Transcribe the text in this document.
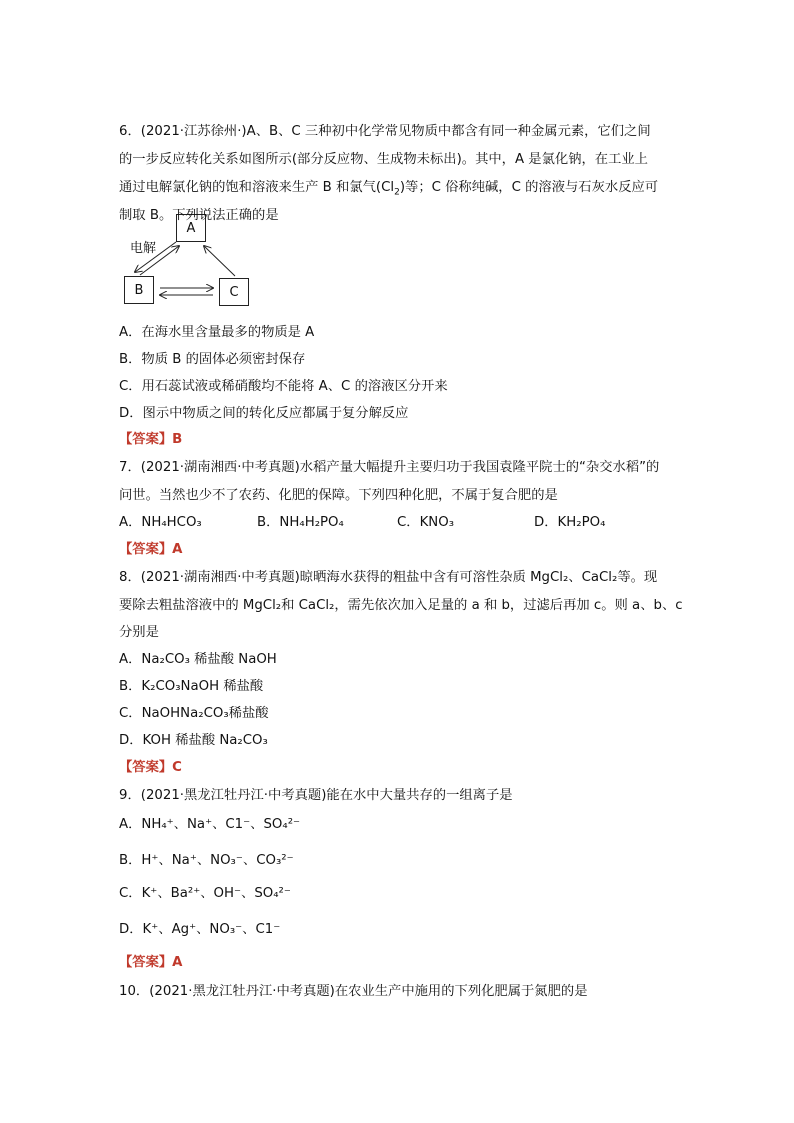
6．(2021·江苏徐州·)A、B、C 三种初中化学常见物质中都含有同一种金属元素，它们之间
的一步反应转化关系如图所示(部分反应物、生成物未标出)。其中，A 是氯化钠，在工业上
通过电解氯化钠的饱和溶液来生产 B 和氯气$(Cl_2)$等；C 俗称纯碱，C 的溶液与石灰水反应可
A
B	C
电解
A．在海水里含量最多的物质是 A
B．物质 B 的固体必须密封保存
C．用石蕊试液或稀硝酸均不能将 A、C 的溶液区分开来
D．图示中物质之间的转化反应都属于复分解反应
【答案】B
7．(2021·湖南湘西·中考真题)水稻产量大幅提升主要归功于我国袁隆平院士的“杂交水稻”的
问世。当然也少不了农药、化肥的保障。下列四种化肥，不属于复合肥的是
A．NH₄HCO₃	B．NH₄H₂PO₄	C．KNO₃	D．KH₂PO₄
【答案】A
8．(2021·湖南湘西·中考真题)晾晒海水获得的粗盐中含有可溶性杂质 MgCl₂、CaCl₂等。现
要除去粗盐溶液中的 MgCl₂和 CaCl₂，需先依次加入足量的 a 和 b，过滤后再加 c。则 a、b、c
分别是
A．Na₂CO₃ 稀盐酸 NaOH
B．K₂CO₃NaOH 稀盐酸
C．NaOHNa₂CO₃稀盐酸
D．KOH 稀盐酸 Na₂CO₃
【答案】C
9．(2021·黑龙江牡丹江·中考真题)能在水中大量共存的一组离子是
A．NH₄⁺、Na⁺、C1⁻、SO₄²⁻
B．H⁺、Na⁺、NO₃⁻、CO₃²⁻
C．K⁺、Ba²⁺、OH⁻、SO₄²⁻
D．K⁺、Ag⁺、NO₃⁻、C1⁻
【答案】A
10．(2021·黑龙江牡丹江·中考真题)在农业生产中施用的下列化肥属于氮肥的是
制取 B。下列说法正确的是
